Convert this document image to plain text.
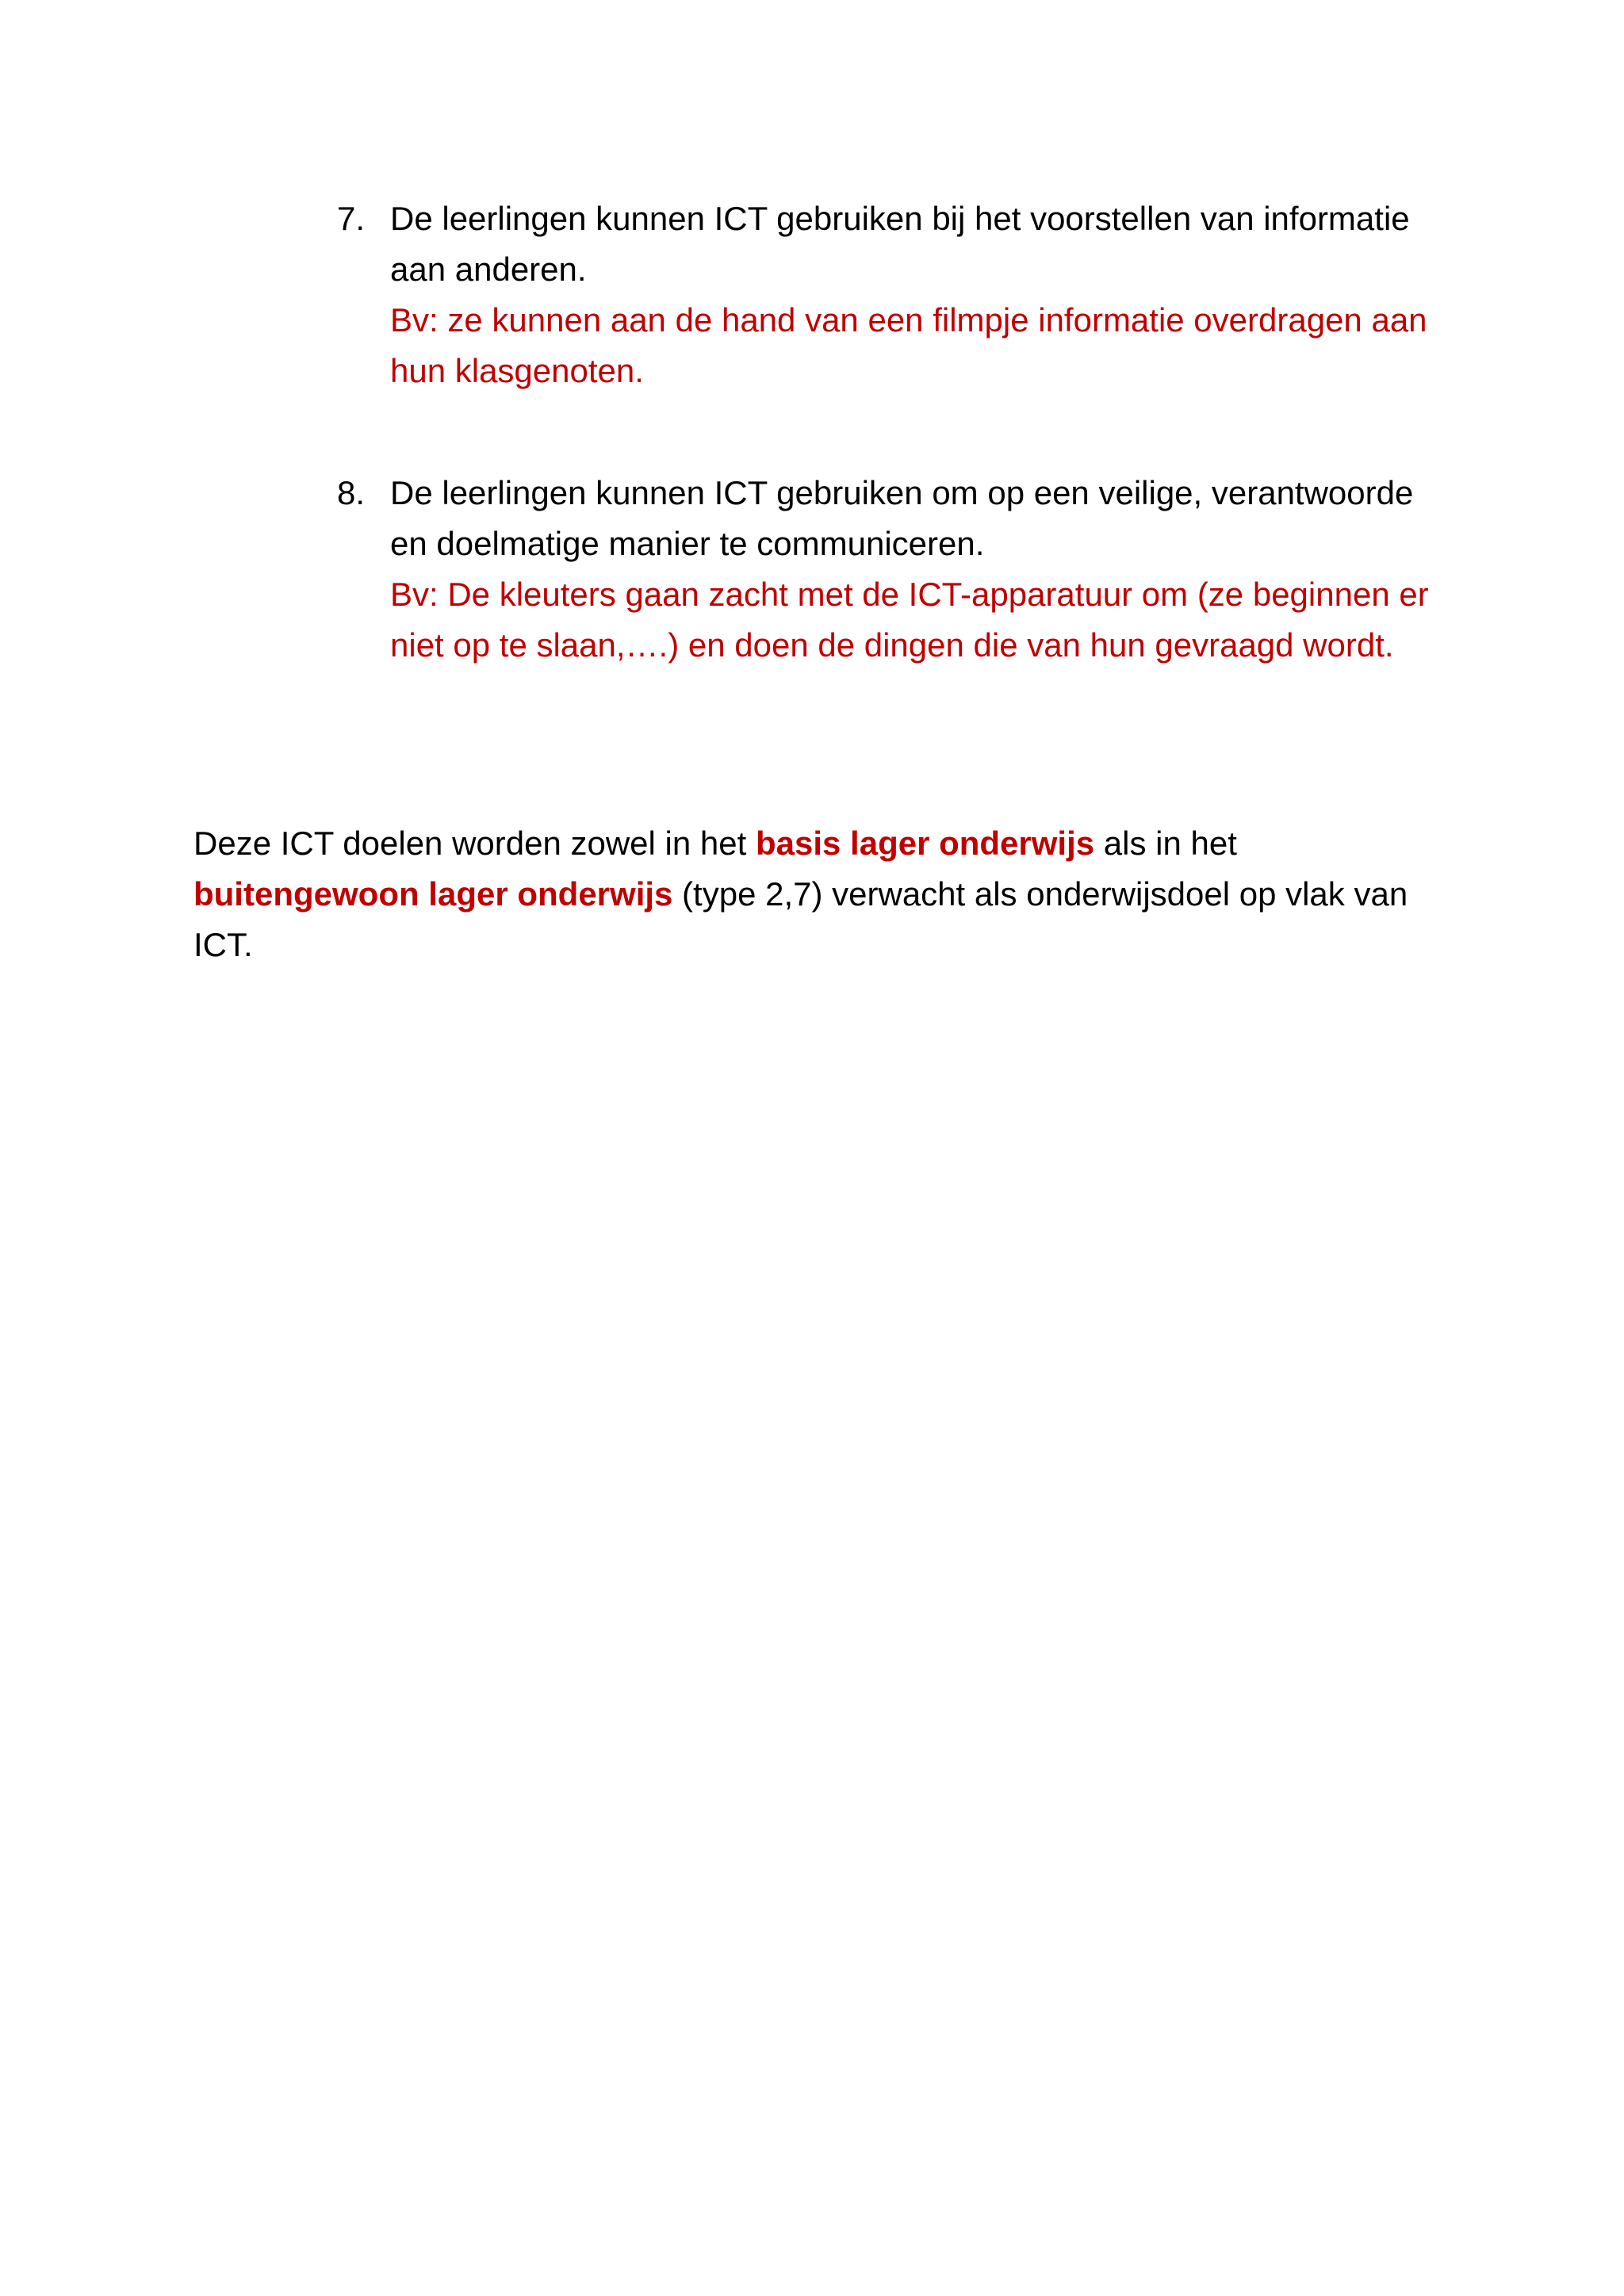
7. De leerlingen kunnen ICT gebruiken bij het voorstellen van informatie aan anderen.
Bv: ze kunnen aan de hand van een filmpje informatie overdragen aan hun klasgenoten.
8. De leerlingen kunnen ICT gebruiken om op een veilige, verantwoorde en doelmatige manier te communiceren.
Bv: De kleuters gaan zacht met de ICT-apparatuur om (ze beginnen er niet op te slaan,….) en doen de dingen die van hun gevraagd wordt.

Deze ICT doelen worden zowel in het basis lager onderwijs als in het buitengewoon lager onderwijs (type 2,7) verwacht als onderwijsdoel op vlak van ICT.
